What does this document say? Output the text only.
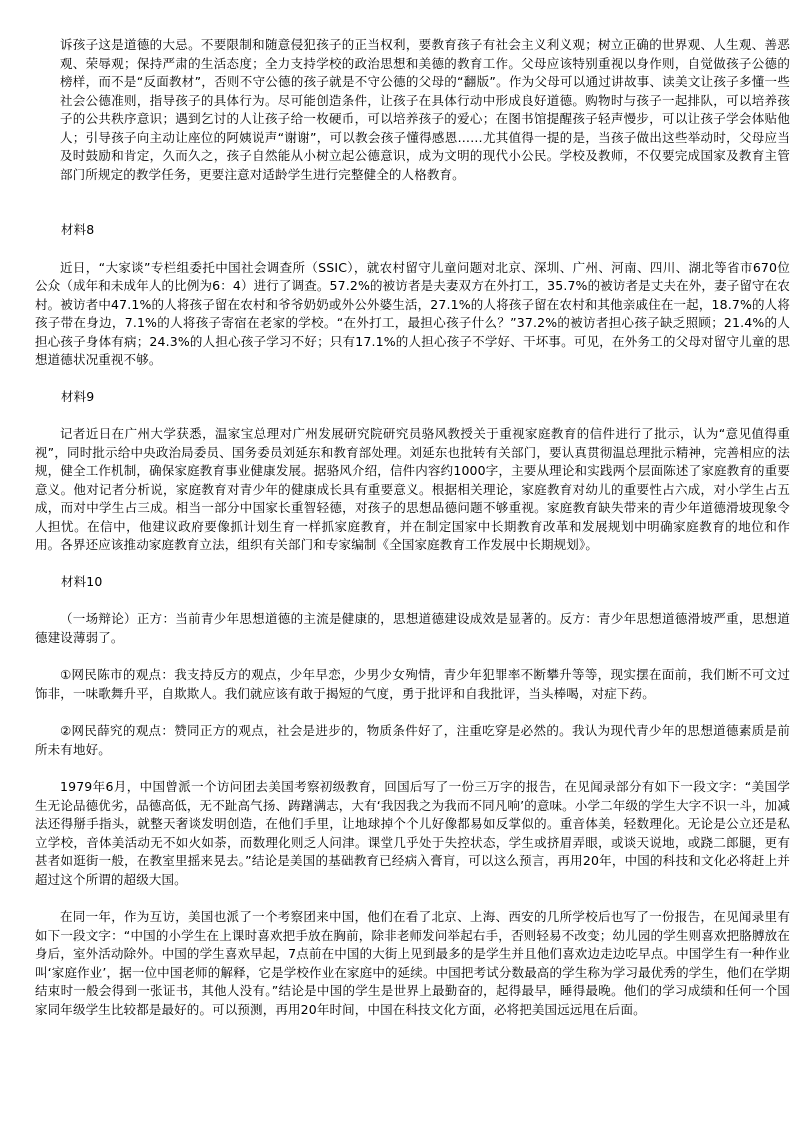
诉孩子这是道德的大忌。不要限制和随意侵犯孩子的正当权利，要教育孩子有社会主义利义观；树立正确的世界观、人生观、善恶观、荣辱观；保持严肃的生活态度；全力支持学校的政治思想和美德的教育工作。父母应该特别重视以身作则，自觉做孩子公德的榜样，而不是“反面教材”，否则不守公德的孩子就是不守公德的父母的“翻版”。作为父母可以通过讲故事、读美文让孩子多懂一些社会公德准则，指导孩子的具体行为。尽可能创造条件，让孩子在具体行动中形成良好道德。购物时与孩子一起排队，可以培养孩子的公共秩序意识；遇到乞讨的人让孩子给一枚硬币，可以培养孩子的爱心；在图书馆提醒孩子轻声慢步，可以让孩子学会体贴他人；引导孩子向主动让座位的阿姨说声“谢谢”，可以教会孩子懂得感恩……尤其值得一提的是，当孩子做出这些举动时，父母应当及时鼓励和肯定，久而久之，孩子自然能从小树立起公德意识，成为文明的现代小公民。学校及教师，不仅要完成国家及教育主管部门所规定的教学任务，更要注意对适龄学生进行完整健全的人格教育。

材料8

近日，“大家谈”专栏组委托中国社会调查所（SSIC），就农村留守儿童问题对北京、深圳、广州、河南、四川、湖北等省市670位公众（成年和未成年人的比例为6：4）进行了调查。57.2%的被访者是夫妻双方在外打工，35.7%的被访者是丈夫在外，妻子留守在农村。被访者中47.1%的人将孩子留在农村和爷爷奶奶或外公外婆生活，27.1%的人将孩子留在农村和其他亲戚住在一起，18.7%的人将孩子带在身边，7.1%的人将孩子寄宿在老家的学校。“在外打工，最担心孩子什么？”37.2%的被访者担心孩子缺乏照顾；21.4%的人担心孩子身体有病；24.3%的人担心孩子学习不好；只有17.1%的人担心孩子不学好、干坏事。可见，在外务工的父母对留守儿童的思想道德状况重视不够。

材料9

记者近日在广州大学获悉，温家宝总理对广州发展研究院研究员骆风教授关于重视家庭教育的信件进行了批示，认为“意见值得重视”，同时批示给中央政治局委员、国务委员刘延东和教育部处理。刘延东也批转有关部门，要认真贯彻温总理批示精神，完善相应的法规，健全工作机制，确保家庭教育事业健康发展。据骆风介绍，信件内容约1000字，主要从理论和实践两个层面陈述了家庭教育的重要意义。他对记者分析说，家庭教育对青少年的健康成长具有重要意义。根据相关理论，家庭教育对幼儿的重要性占六成，对小学生占五成，而对中学生占三成。相当一部分中国家长重智轻德，对孩子的思想品德问题不够重视。家庭教育缺失带来的青少年道德滑坡现象令人担忧。在信中，他建议政府要像抓计划生育一样抓家庭教育，并在制定国家中长期教育改革和发展规划中明确家庭教育的地位和作用。各界还应该推动家庭教育立法，组织有关部门和专家编制《全国家庭教育工作发展中长期规划》。

材料10

（一场辩论）正方：当前青少年思想道德的主流是健康的，思想道德建设成效是显著的。反方：青少年思想道德滑坡严重，思想道德建设薄弱了。

①网民陈市的观点：我支持反方的观点，少年早恋，少男少女殉情，青少年犯罪率不断攀升等等，现实摆在面前，我们断不可文过饰非，一味歌舞升平，自欺欺人。我们就应该有敢于揭短的气度，勇于批评和自我批评，当头棒喝，对症下药。

②网民薛究的观点：赞同正方的观点，社会是进步的，物质条件好了，注重吃穿是必然的。我认为现代青少年的思想道德素质是前所未有地好。

1979年6月，中国曾派一个访问团去美国考察初级教育，回国后写了一份三万字的报告，在见闻录部分有如下一段文字：“美国学生无论品德优劣，品德高低，无不趾高气扬、踌躇满志，大有‘我因我之为我而不同凡响’的意味。小学二年级的学生大字不识一斗，加减法还得掰手指头，就整天奢谈发明创造，在他们手里，让地球掉个个儿好像都易如反掌似的。重音体美，轻数理化。无论是公立还是私立学校，音体美活动无不如火如荼，而数理化则乏人问津。课堂几乎处于失控状态，学生或挤眉弄眼，或谈天说地，或跷二郎腿，更有甚者如逛街一般，在教室里摇来晃去。”结论是美国的基础教育已经病入膏肓，可以这么预言，再用20年，中国的科技和文化必将赶上并超过这个所谓的超级大国。

在同一年，作为互访，美国也派了一个考察团来中国，他们在看了北京、上海、西安的几所学校后也写了一份报告，在见闻录里有如下一段文字：“中国的小学生在上课时喜欢把手放在胸前，除非老师发问举起右手，否则轻易不改变；幼儿园的学生则喜欢把胳膊放在身后，室外活动除外。中国的学生喜欢早起，7点前在中国的大街上见到最多的是学生并且他们喜欢边走边吃早点。中国学生有一种作业叫‘家庭作业’，据一位中国老师的解释，它是学校作业在家庭中的延续。中国把考试分数最高的学生称为学习最优秀的学生，他们在学期结束时一般会得到一张证书，其他人没有。”结论是中国的学生是世界上最勤奋的，起得最早，睡得最晚。他们的学习成绩和任何一个国家同年级学生比较都是最好的。可以预测，再用20年时间，中国在科技文化方面，必将把美国远远甩在后面。
